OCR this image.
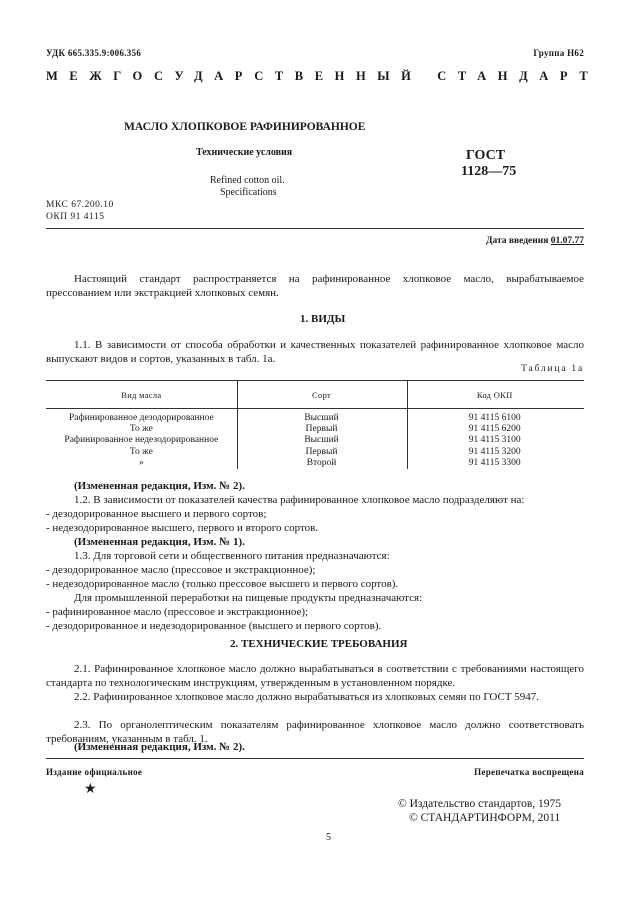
УДК 665.335.9:006.356	Группа Н62
МЕЖГОСУДАРСТВЕННЫЙ СТАНДАРТ
МАСЛО ХЛОПКОВОЕ РАФИНИРОВАННОЕ
Технические условия
Refined cotton oil.
Specifications
ГОСТ
1128—75
МКС 67.200.10
ОКП 91 4115
Дата введения 01.07.77
Настоящий стандарт распространяется на рафинированное хлопковое масло, вырабатываемое прессованием или экстракцией хлопковых семян.
1. ВИДЫ
1.1. В зависимости от способа обработки и качественных показателей рафинированное хлопковое масло выпускают видов и сортов, указанных в табл. 1а.
Таблица 1а
Вид масла	Сорт	Код ОКП

Рафинированное дезодорированное	Высший	91 4115 6100
То же	Первый	91 4115 6200
Рафинированное недезодорированное	Высший	91 4115 3100
То же	Первый	91 4115 3200
»	Второй	91 4115 3300
(Измененная редакция, Изм. № 2).
1.2. В зависимости от показателей качества рафинированное хлопковое масло подразделяют на:
- дезодорированное высшего и первого сортов;
- недезодорированное высшего, первого и второго сортов.
(Измененная редакция, Изм. № 1).
1.3. Для торговой сети и общественного питания предназначаются:
- дезодорированное масло (прессовое и экстракционное);
- недезодорированное масло (только прессовое высшего и первого сортов).
Для промышленной переработки на пищевые продукты предназначаются:
- рафинированное масло (прессовое и экстракционное);
- дезодорированное и недезодорированное (высшего и первого сортов).
2. ТЕХНИЧЕСКИЕ ТРЕБОВАНИЯ
2.1. Рафинированное хлопковое масло должно вырабатываться в соответствии с требованиями настоящего стандарта по технологическим инструкциям, утвержденным в установленном порядке.
2.2. Рафинированное хлопковое масло должно вырабатываться из хлопковых семян по ГОСТ 5947.
2.3. По органолептическим показателям рафинированное хлопковое масло должно соответствовать требованиям, указанным в табл. 1.
(Измененная редакция, Изм. № 2).
Издание официальное	Перепечатка воспрещена
★
© Издательство стандартов, 1975
© СТАНДАРТИНФОРМ, 2011
5
